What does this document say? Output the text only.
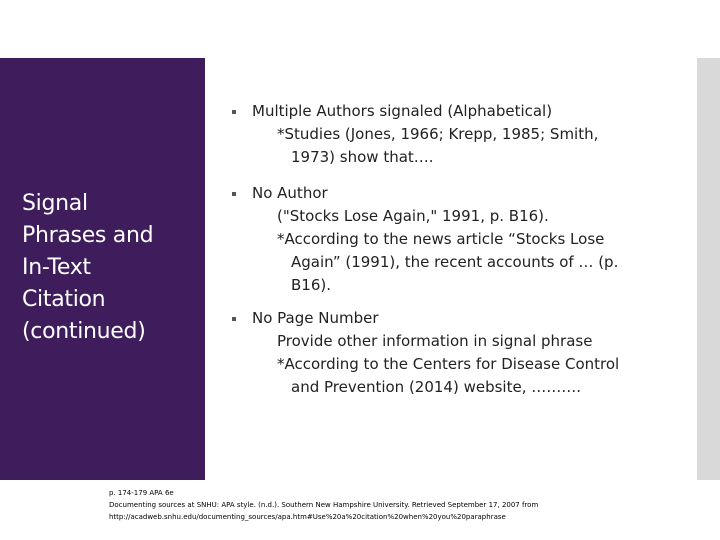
Signal
Phrases and
In-Text
Citation
(continued)
Multiple Authors signaled (Alphabetical)
*Studies (Jones, 1966; Krepp, 1985; Smith,
1973) show that….
No Author
("Stocks Lose Again," 1991, p. B16).
*According to the news article “Stocks Lose
Again” (1991), the recent accounts of … (p.
B16).
No Page Number
Provide other information in signal phrase
*According to the Centers for Disease Control
and Prevention (2014) website, ……….
p. 174-179 APA 6e
Documenting sources at SNHU: APA style. (n.d.). Southern New Hampshire University. Retrieved September 17, 2007 from
http://acadweb.snhu.edu/documenting_sources/apa.htm#Use%20a%20citation%20when%20you%20paraphrase
